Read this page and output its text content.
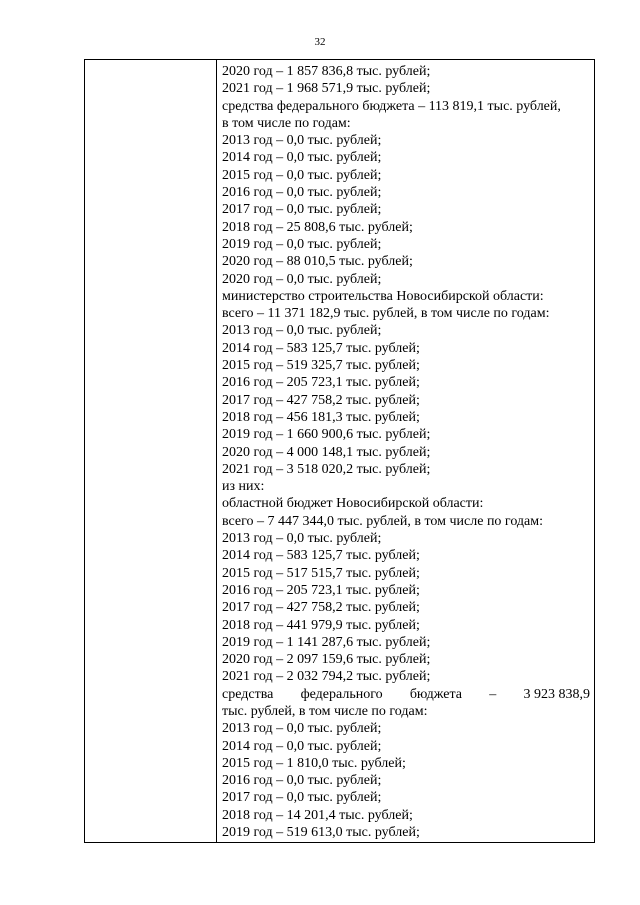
32
2020 год – 1 857 836,8 тыс. рублей;
2021 год – 1 968 571,9 тыс. рублей;
средства федерального бюджета – 113 819,1 тыс. рублей,
в том числе по годам:
2013 год – 0,0 тыс. рублей;
2014 год – 0,0 тыс. рублей;
2015 год – 0,0 тыс. рублей;
2016 год – 0,0 тыс. рублей;
2017 год – 0,0 тыс. рублей;
2018 год – 25 808,6 тыс. рублей;
2019 год – 0,0 тыс. рублей;
2020 год – 88 010,5 тыс. рублей;
2020 год – 0,0 тыс. рублей;
министерство строительства Новосибирской области:
всего – 11 371 182,9 тыс. рублей, в том числе по годам:
2013 год – 0,0 тыс. рублей;
2014 год – 583 125,7 тыс. рублей;
2015 год – 519 325,7 тыс. рублей;
2016 год – 205 723,1 тыс. рублей;
2017 год – 427 758,2 тыс. рублей;
2018 год – 456 181,3 тыс. рублей;
2019 год – 1 660 900,6 тыс. рублей;
2020 год – 4 000 148,1 тыс. рублей;
2021 год – 3 518 020,2 тыс. рублей;
из них:
областной бюджет Новосибирской области:
всего – 7 447 344,0 тыс. рублей, в том числе по годам:
2013 год – 0,0 тыс. рублей;
2014 год – 583 125,7 тыс. рублей;
2015 год – 517 515,7 тыс. рублей;
2016 год – 205 723,1 тыс. рублей;
2017 год – 427 758,2 тыс. рублей;
2018 год – 441 979,9 тыс. рублей;
2019 год – 1 141 287,6 тыс. рублей;
2020 год – 2 097 159,6 тыс. рублей;
2021 год – 2 032 794,2 тыс. рублей;
средства федерального бюджета – 3 923 838,9
тыс. рублей, в том числе по годам:
2013 год – 0,0 тыс. рублей;
2014 год – 0,0 тыс. рублей;
2015 год – 1 810,0 тыс. рублей;
2016 год – 0,0 тыс. рублей;
2017 год – 0,0 тыс. рублей;
2018 год – 14 201,4 тыс. рублей;
2019 год – 519 613,0 тыс. рублей;
